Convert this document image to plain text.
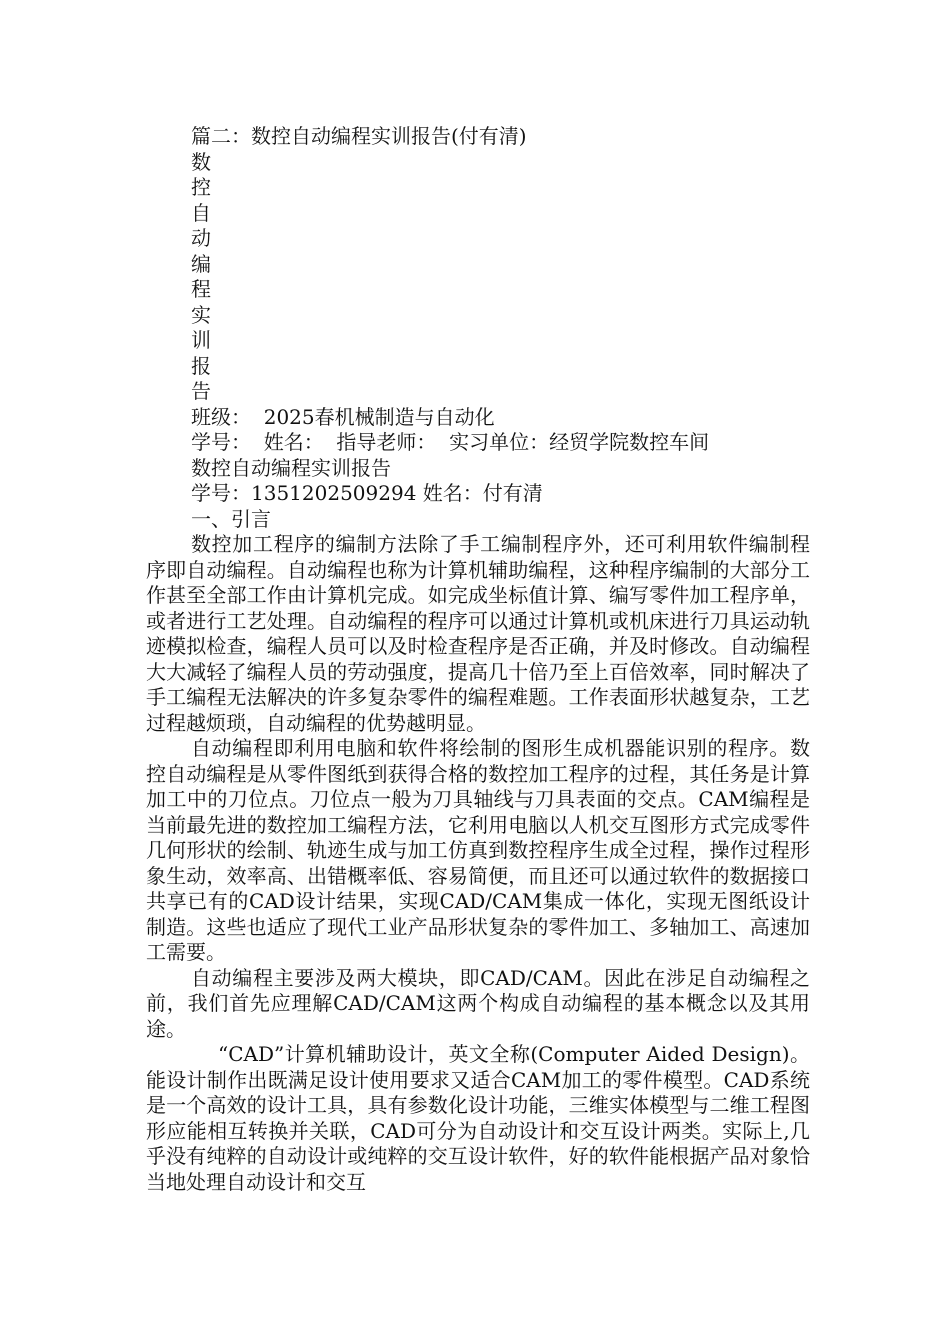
篇二：数控自动编程实训报告(付有清)

数
控
自
动
编
程
实
训
报
告

班级：  2025春机械制造与自动化

学号：  姓名：  指导老师：  实习单位：经贸学院数控车间

数控自动编程实训报告

学号：1351202509294 姓名：付有清

一、引言

数控加工程序的编制方法除了手工编制程序外，还可利用软件编制程序即自动编程。自动编程也称为计算机辅助编程，这种程序编制的大部分工作甚至全部工作由计算机完成。如完成坐标值计算、编写零件加工程序单，或者进行工艺处理。自动编程的程序可以通过计算机或机床进行刀具运动轨迹模拟检查，编程人员可以及时检查程序是否正确，并及时修改。自动编程大大减轻了编程人员的劳动强度，提高几十倍乃至上百倍效率，同时解决了手工编程无法解决的许多复杂零件的编程难题。工作表面形状越复杂，工艺过程越烦琐，自动编程的优势越明显。

自动编程即利用电脑和软件将绘制的图形生成机器能识别的程序。数控自动编程是从零件图纸到获得合格的数控加工程序的过程，其任务是计算加工中的刀位点。刀位点一般为刀具轴线与刀具表面的交点。CAM编程是当前最先进的数控加工编程方法，它利用电脑以人机交互图形方式完成零件几何形状的绘制、轨迹生成与加工仿真到数控程序生成全过程，操作过程形象生动，效率高、出错概率低、容易简便，而且还可以通过软件的数据接口共享已有的CAD设计结果，实现CAD/CAM集成一体化，实现无图纸设计制造。这些也适应了现代工业产品形状复杂的零件加工、多轴加工、高速加工需要。

自动编程主要涉及两大模块，即CAD/CAM。因此在涉足自动编程之前，我们首先应理解CAD/CAM这两个构成自动编程的基本概念以及其用途。

“CAD”计算机辅助设计，英文全称(Computer Aided Design)。能设计制作出既满足设计使用要求又适合CAM加工的零件模型。CAD系统是一个高效的设计工具，具有参数化设计功能，三维实体模型与二维工程图形应能相互转换并关联，CAD可分为自动设计和交互设计两类。实际上,几乎没有纯粹的自动设计或纯粹的交互设计软件，好的软件能根据产品对象恰当地处理自动设计和交互
